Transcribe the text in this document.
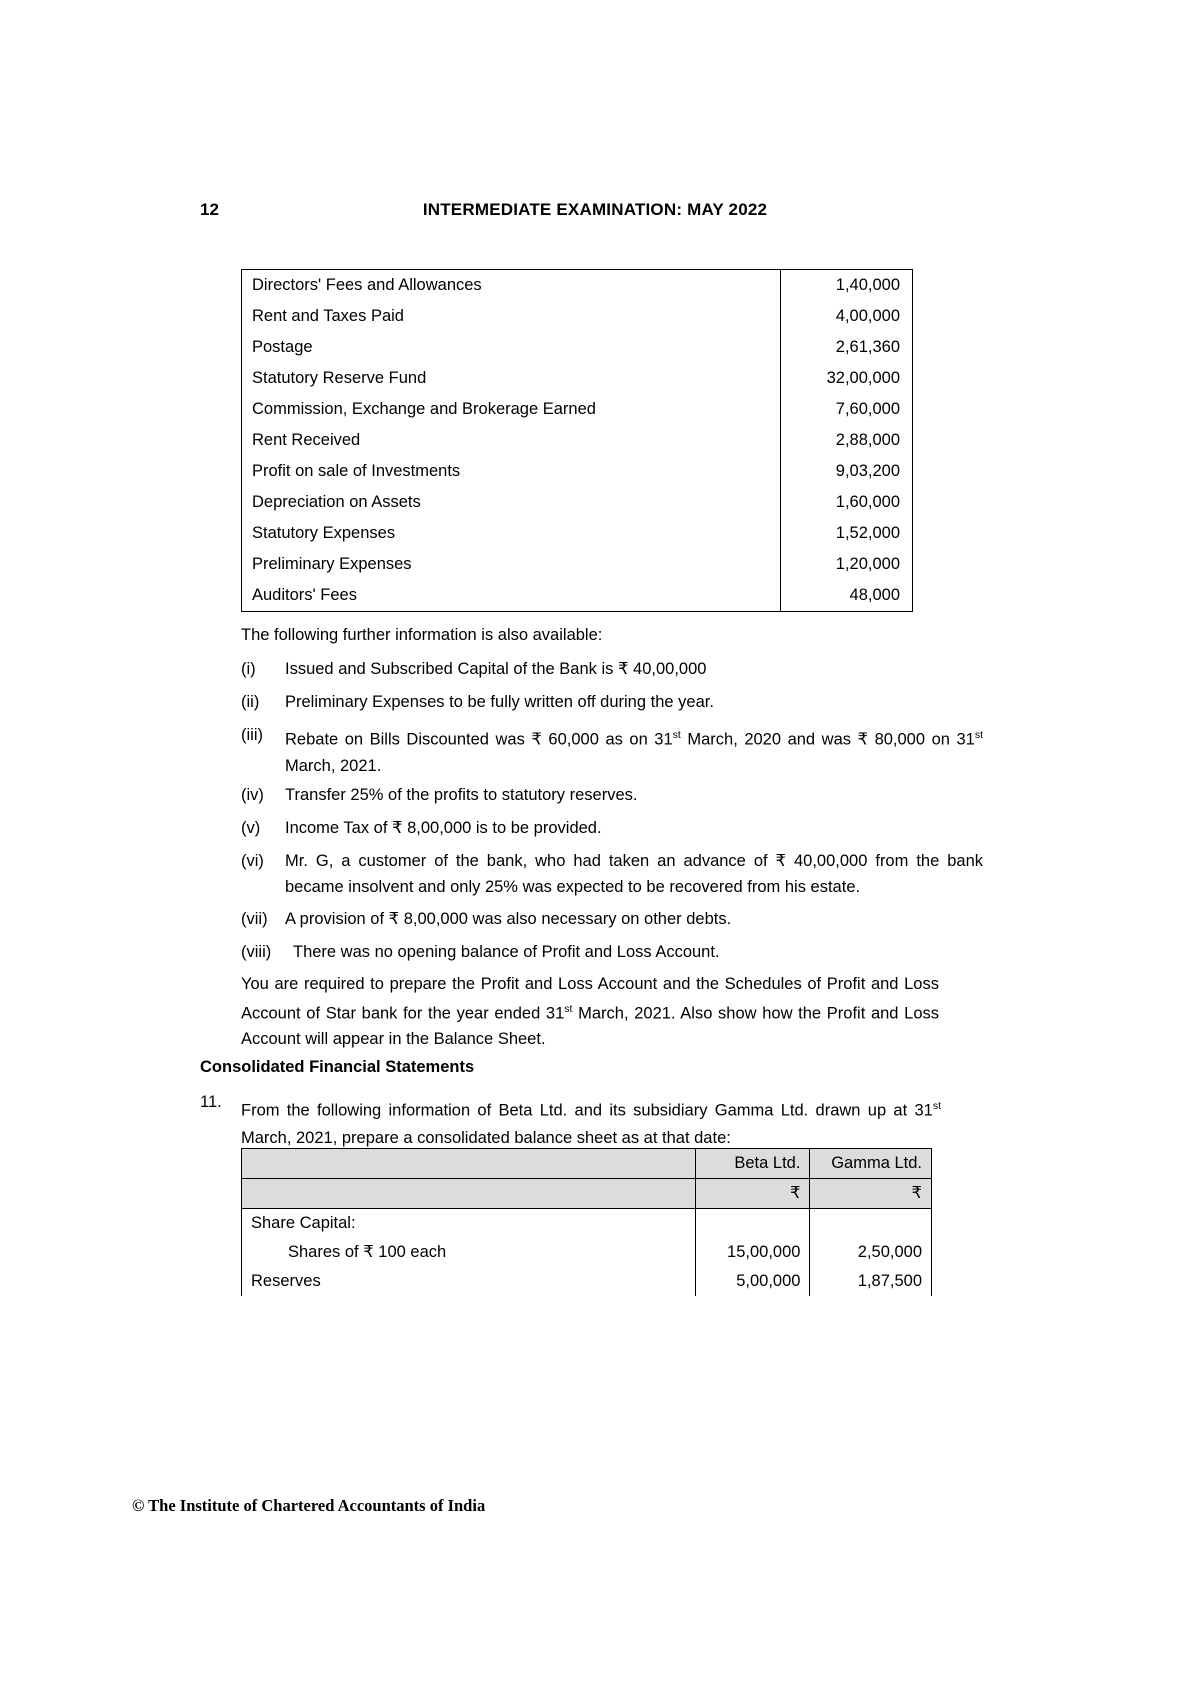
INTERMEDIATE EXAMINATION: MAY 2022
12
Directors' Fees and Allowances	1,40,000
Rent and Taxes Paid	4,00,000
Postage	2,61,360
Statutory Reserve Fund	32,00,000
Commission, Exchange and Brokerage Earned	7,60,000
Rent Received	2,88,000
Profit on sale of Investments	9,03,200
Depreciation on Assets	1,60,000
Statutory Expenses	1,52,000
Preliminary Expenses	1,20,000
Auditors' Fees	48,000
The following further information is also available:
(i)	Issued and Subscribed Capital of the Bank is ₹ 40,00,000
(ii)	Preliminary Expenses to be fully written off during the year.
(iii)	Rebate on Bills Discounted was ₹ 60,000 as on 31st March, 2020 and was ₹ 80,000 on 31st March, 2021.
(iv)	Transfer 25% of the profits to statutory reserves.
(v)	Income Tax of ₹ 8,00,000 is to be provided.
(vi)	Mr. G, a customer of the bank, who had taken an advance of ₹ 40,00,000 from the bank became insolvent and only 25% was expected to be recovered from his estate.
(vii)	A provision of ₹ 8,00,000 was also necessary on other debts.
(viii)	There was no opening balance of Profit and Loss Account.
You are required to prepare the Profit and Loss Account and the Schedules of Profit and Loss Account of Star bank for the year ended 31st March, 2021. Also show how the Profit and Loss Account will appear in the Balance Sheet.
Consolidated Financial Statements
11. From the following information of Beta Ltd. and its subsidiary Gamma Ltd. drawn up at 31st March, 2021, prepare a consolidated balance sheet as at that date:
	Beta Ltd.	Gamma Ltd.
	₹	₹
Share Capital:		
Shares of ₹ 100 each	15,00,000	2,50,000
Reserves	5,00,000	1,87,500
© The Institute of Chartered Accountants of India
